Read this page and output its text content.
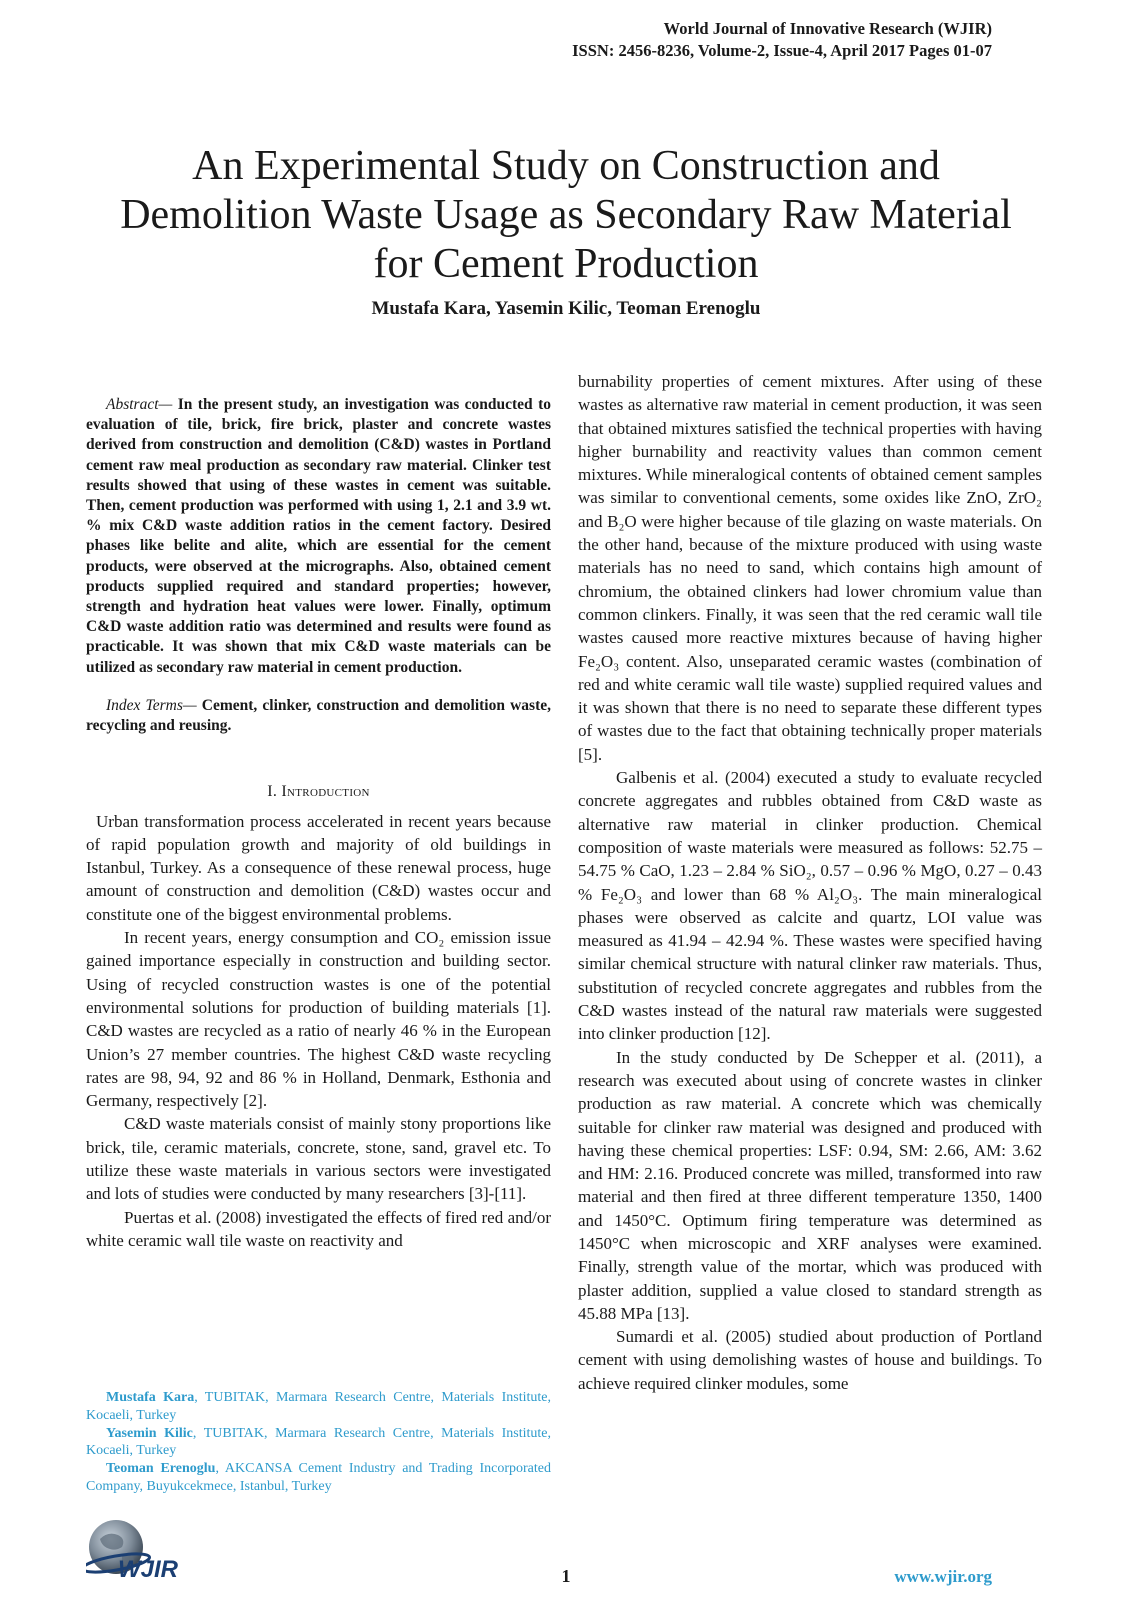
World Journal of Innovative Research (WJIR)
ISSN: 2456-8236, Volume-2, Issue-4, April 2017 Pages 01-07
An Experimental Study on Construction and
Demolition Waste Usage as Secondary Raw Material
for Cement Production
Mustafa Kara, Yasemin Kilic, Teoman Erenoglu

Abstract— In the present study, an investigation was conducted to evaluation of tile, brick, fire brick, plaster and concrete wastes derived from construction and demolition (C&D) wastes in Portland cement raw meal production as secondary raw material. Clinker test results showed that using of these wastes in cement was suitable. Then, cement production was performed with using 1, 2.1 and 3.9 wt. % mix C&D waste addition ratios in the cement factory. Desired phases like belite and alite, which are essential for the cement products, were observed at the micrographs. Also, obtained cement products supplied required and standard properties; however, strength and hydration heat values were lower. Finally, optimum C&D waste addition ratio was determined and results were found as practicable. It was shown that mix C&D waste materials can be utilized as secondary raw material in cement production.

Index Terms— Cement, clinker, construction and demolition waste, recycling and reusing.

I. Introduction

Urban transformation process accelerated in recent years because of rapid population growth and majority of old buildings in Istanbul, Turkey. As a consequence of these renewal process, huge amount of construction and demolition (C&D) wastes occur and constitute one of the biggest environmental problems.

In recent years, energy consumption and CO₂ emission issue gained importance especially in construction and building sector. Using of recycled construction wastes is one of the potential environmental solutions for production of building materials [1]. C&D wastes are recycled as a ratio of nearly 46 % in the European Union’s 27 member countries. The highest C&D waste recycling rates are 98, 94, 92 and 86 % in Holland, Denmark, Esthonia and Germany, respectively [2].

C&D waste materials consist of mainly stony proportions like brick, tile, ceramic materials, concrete, stone, sand, gravel etc. To utilize these waste materials in various sectors were investigated and lots of studies were conducted by many researchers [3]-[11].

Puertas et al. (2008) investigated the effects of fired red and/or white ceramic wall tile waste on reactivity and

burnability properties of cement mixtures. After using of these wastes as alternative raw material in cement production, it was seen that obtained mixtures satisfied the technical properties with having higher burnability and reactivity values than common cement mixtures. While mineralogical contents of obtained cement samples was similar to conventional cements, some oxides like ZnO, ZrO₂ and B₂O were higher because of tile glazing on waste materials. On the other hand, because of the mixture produced with using waste materials has no need to sand, which contains high amount of chromium, the obtained clinkers had lower chromium value than common clinkers. Finally, it was seen that the red ceramic wall tile wastes caused more reactive mixtures because of having higher Fe₂O₃ content. Also, unseparated ceramic wastes (combination of red and white ceramic wall tile waste) supplied required values and it was shown that there is no need to separate these different types of wastes due to the fact that obtaining technically proper materials [5].

Galbenis et al. (2004) executed a study to evaluate recycled concrete aggregates and rubbles obtained from C&D waste as alternative raw material in clinker production. Chemical composition of waste materials were measured as follows: 52.75 – 54.75 % CaO, 1.23 – 2.84 % SiO₂, 0.57 – 0.96 % MgO, 0.27 – 0.43 % Fe₂O₃ and lower than 68 % Al₂O₃. The main mineralogical phases were observed as calcite and quartz, LOI value was measured as 41.94 – 42.94 %. These wastes were specified having similar chemical structure with natural clinker raw materials. Thus, substitution of recycled concrete aggregates and rubbles from the C&D wastes instead of the natural raw materials were suggested into clinker production [12].

In the study conducted by De Schepper et al. (2011), a research was executed about using of concrete wastes in clinker production as raw material. A concrete which was chemically suitable for clinker raw material was designed and produced with having these chemical properties: LSF: 0.94, SM: 2.66, AM: 3.62 and HM: 2.16. Produced concrete was milled, transformed into raw material and then fired at three different temperature 1350, 1400 and 1450°C. Optimum firing temperature was determined as 1450°C when microscopic and XRF analyses were examined. Finally, strength value of the mortar, which was produced with plaster addition, supplied a value closed to standard strength as 45.88 MPa [13].

Sumardi et al. (2005) studied about production of Portland cement with using demolishing wastes of house and buildings. To achieve required clinker modules, some

Mustafa Kara, TUBITAK, Marmara Research Centre, Materials Institute, Kocaeli, Turkey

Yasemin Kilic, TUBITAK, Marmara Research Centre, Materials Institute, Kocaeli, Turkey

Teoman Erenoglu, AKCANSA Cement Industry and Trading Incorporated Company, Buyukcekmece, Istanbul, Turkey

WJIR	1	www.wjir.org
